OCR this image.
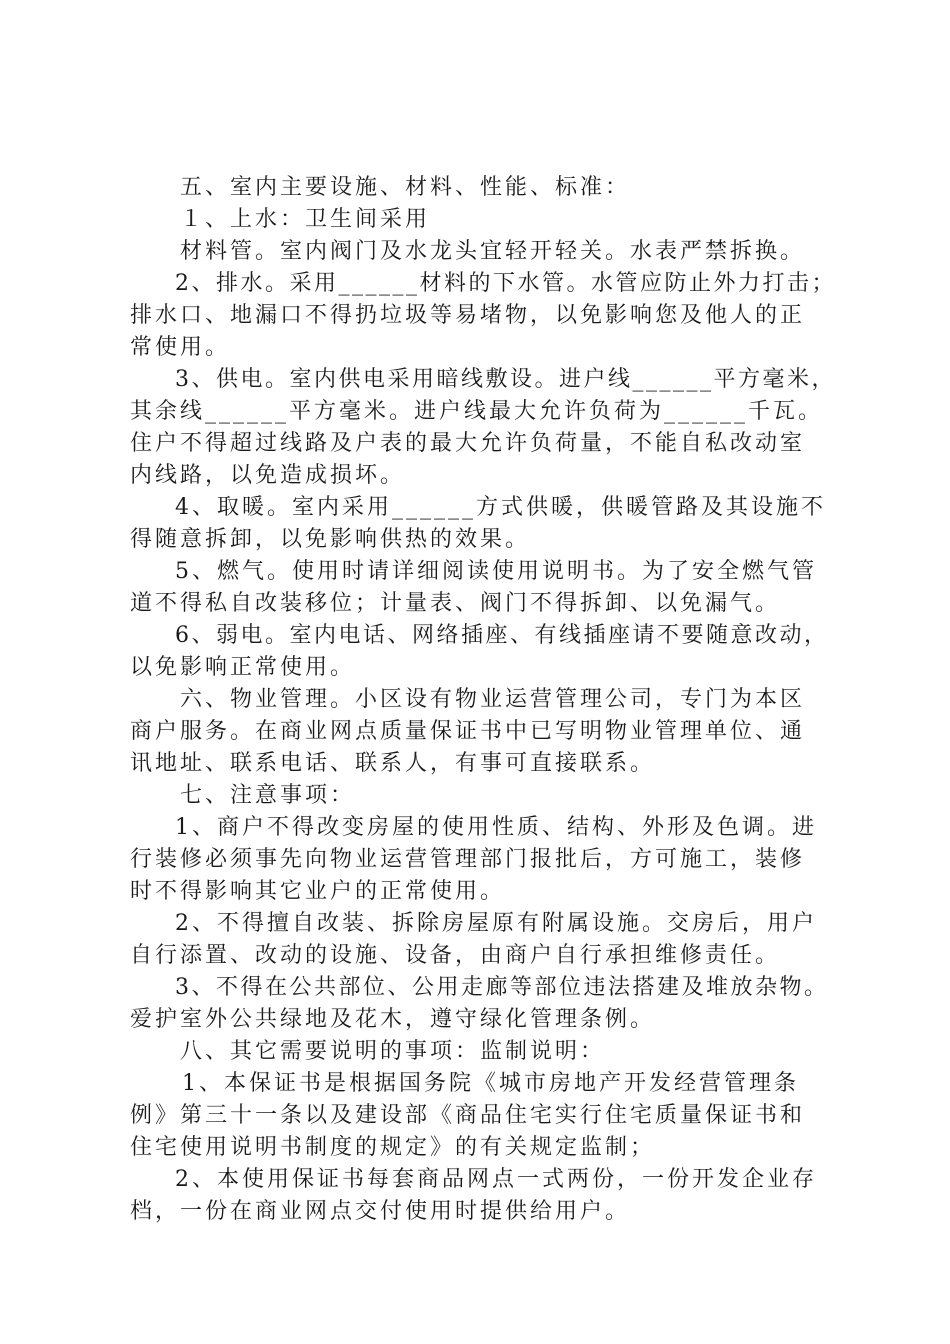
五、室内主要设施、材料、性能、标准：
１、上水：卫生间采用
材料管。室内阀门及水龙头宜轻开轻关。水表严禁拆换。
2、排水。采用______材料的下水管。水管应防止外力打击；
排水口、地漏口不得扔垃圾等易堵物，以免影响您及他人的正
常使用。
3、供电。室内供电采用暗线敷设。进户线______平方毫米，
其余线______平方毫米。进户线最大允许负荷为______千瓦。
住户不得超过线路及户表的最大允许负荷量，不能自私改动室
内线路，以免造成损坏。
4、取暖。室内采用______方式供暖，供暖管路及其设施不
得随意拆卸，以免影响供热的效果。
5、燃气。使用时请详细阅读使用说明书。为了安全燃气管
道不得私自改装移位；计量表、阀门不得拆卸、以免漏气。
6、弱电。室内电话、网络插座、有线插座请不要随意改动，
以免影响正常使用。
六、物业管理。小区设有物业运营管理公司，专门为本区
商户服务。在商业网点质量保证书中已写明物业管理单位、通
讯地址、联系电话、联系人，有事可直接联系。
七、注意事项：
1、商户不得改变房屋的使用性质、结构、外形及色调。进
行装修必须事先向物业运营管理部门报批后，方可施工，装修
时不得影响其它业户的正常使用。
2、不得擅自改装、拆除房屋原有附属设施。交房后，用户
自行添置、改动的设施、设备，由商户自行承担维修责任。
3、不得在公共部位、公用走廊等部位违法搭建及堆放杂物。
爱护室外公共绿地及花木，遵守绿化管理条例。
八、其它需要说明的事项：监制说明：
1、本保证书是根据国务院《城市房地产开发经营管理条
例》第三十一条以及建设部《商品住宅实行住宅质量保证书和
住宅使用说明书制度的规定》的有关规定监制；
2、本使用保证书每套商品网点一式两份，一份开发企业存
档，一份在商业网点交付使用时提供给用户。
